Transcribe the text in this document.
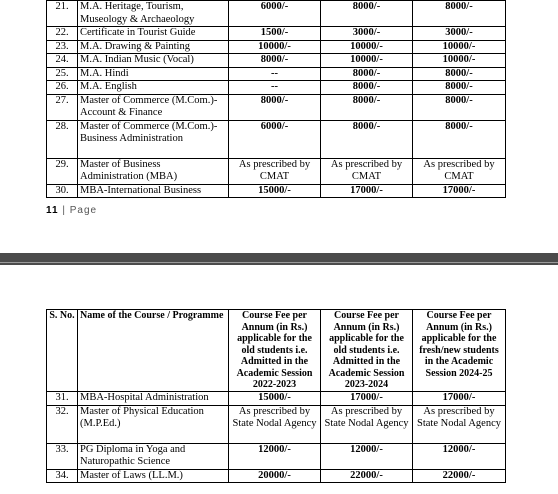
21.	M.A. Heritage, Tourism, Museology & Archaeology	6000/-	8000/-	8000/-
22.	Certificate in Tourist Guide	1500/-	3000/-	3000/-
23.	M.A. Drawing & Painting	10000/-	10000/-	10000/-
24.	M.A. Indian Music (Vocal)	8000/-	10000/-	10000/-
25.	M.A. Hindi	--	8000/-	8000/-
26.	M.A. English	--	8000/-	8000/-
27.	Master of Commerce (M.Com.)-Account & Finance	8000/-	8000/-	8000/-
28.	Master of Commerce (M.Com.)-Business Administration	6000/-	8000/-	8000/-
29.	Master of Business Administration (MBA)	As prescribed by CMAT	As prescribed by CMAT	As prescribed by CMAT
30.	MBA-International Business	15000/-	17000/-	17000/-
11 | Page
S. No.	Name of the Course / Programme	Course Fee per Annum (in Rs.) applicable for the old students i.e. Admitted in the Academic Session 2022-2023	Course Fee per Annum (in Rs.) applicable for the old students i.e. Admitted in the Academic Session 2023-2024	Course Fee per Annum (in Rs.) applicable for the fresh/new students in the Academic Session 2024-25
31.	MBA-Hospital Administration	15000/-	17000/-	17000/-
32.	Master of Physical Education (M.P.Ed.)	As prescribed by State Nodal Agency	As prescribed by State Nodal Agency	As prescribed by State Nodal Agency
33.	PG Diploma in Yoga and Naturopathic Science	12000/-	12000/-	12000/-
34.	Master of Laws (LL.M.)	20000/-	22000/-	22000/-
